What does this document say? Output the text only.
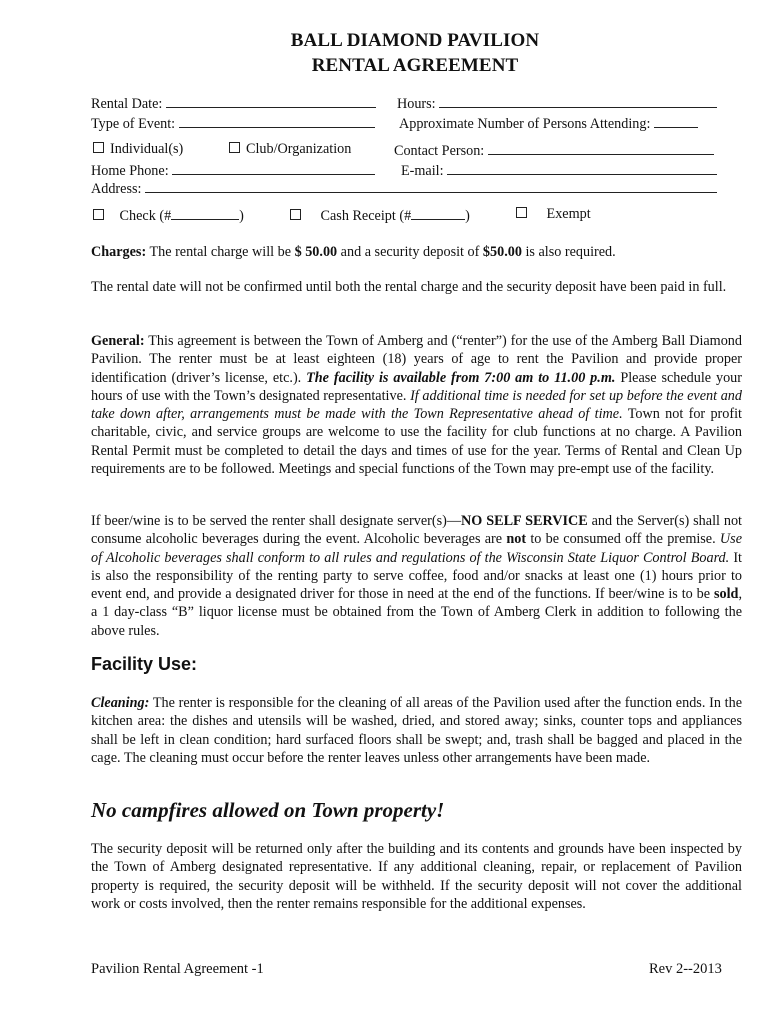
BALL DIAMOND PAVILION
RENTAL AGREEMENT
Rental Date:	Hours:
Type of Event:	Approximate Number of Persons Attending:
Individual(s)	Club/Organization	Contact Person:
Home Phone:	E-mail:
Address:
Check (#	)	Cash Receipt (#	)	Exempt
Charges: The rental charge will be $ 50.00 and a security deposit of $50.00 is also required.
The rental date will not be confirmed until both the rental charge and the security deposit have been paid in full.
General: This agreement is between the Town of Amberg and (“renter”) for the use of the Amberg Ball Diamond Pavilion. The renter must be at least eighteen (18) years of age to rent the Pavilion and provide proper identification (driver’s license, etc.). The facility is available from 7:00 am to 11.00 p.m. Please schedule your hours of use with the Town’s designated representative. If additional time is needed for set up before the event and take down after, arrangements must be made with the Town Representative ahead of time. Town not for profit charitable, civic, and service groups are welcome to use the facility for club functions at no charge. A Pavilion Rental Permit must be completed to detail the days and times of use for the year. Terms of Rental and Clean Up requirements are to be followed. Meetings and special functions of the Town may pre-empt use of the facility.
If beer/wine is to be served the renter shall designate server(s)—NO SELF SERVICE and the Server(s) shall not consume alcoholic beverages during the event. Alcoholic beverages are not to be consumed off the premise. Use of Alcoholic beverages shall conform to all rules and regulations of the Wisconsin State Liquor Control Board. It is also the responsibility of the renting party to serve coffee, food and/or snacks at least one (1) hours prior to event end, and provide a designated driver for those in need at the end of the functions. If beer/wine is to be sold, a 1 day-class “B” liquor license must be obtained from the Town of Amberg Clerk in addition to following the above rules.
Facility Use:
Cleaning: The renter is responsible for the cleaning of all areas of the Pavilion used after the function ends. In the kitchen area: the dishes and utensils will be washed, dried, and stored away; sinks, counter tops and appliances shall be left in clean condition; hard surfaced floors shall be swept; and, trash shall be bagged and placed in the cage. The cleaning must occur before the renter leaves unless other arrangements have been made.
No campfires allowed on Town property!
The security deposit will be returned only after the building and its contents and grounds have been inspected by the Town of Amberg designated representative. If any additional cleaning, repair, or replacement of Pavilion property is required, the security deposit will be withheld. If the security deposit will not cover the additional work or costs involved, then the renter remains responsible for the additional expenses.
Pavilion Rental Agreement -1	Rev 2--2013
